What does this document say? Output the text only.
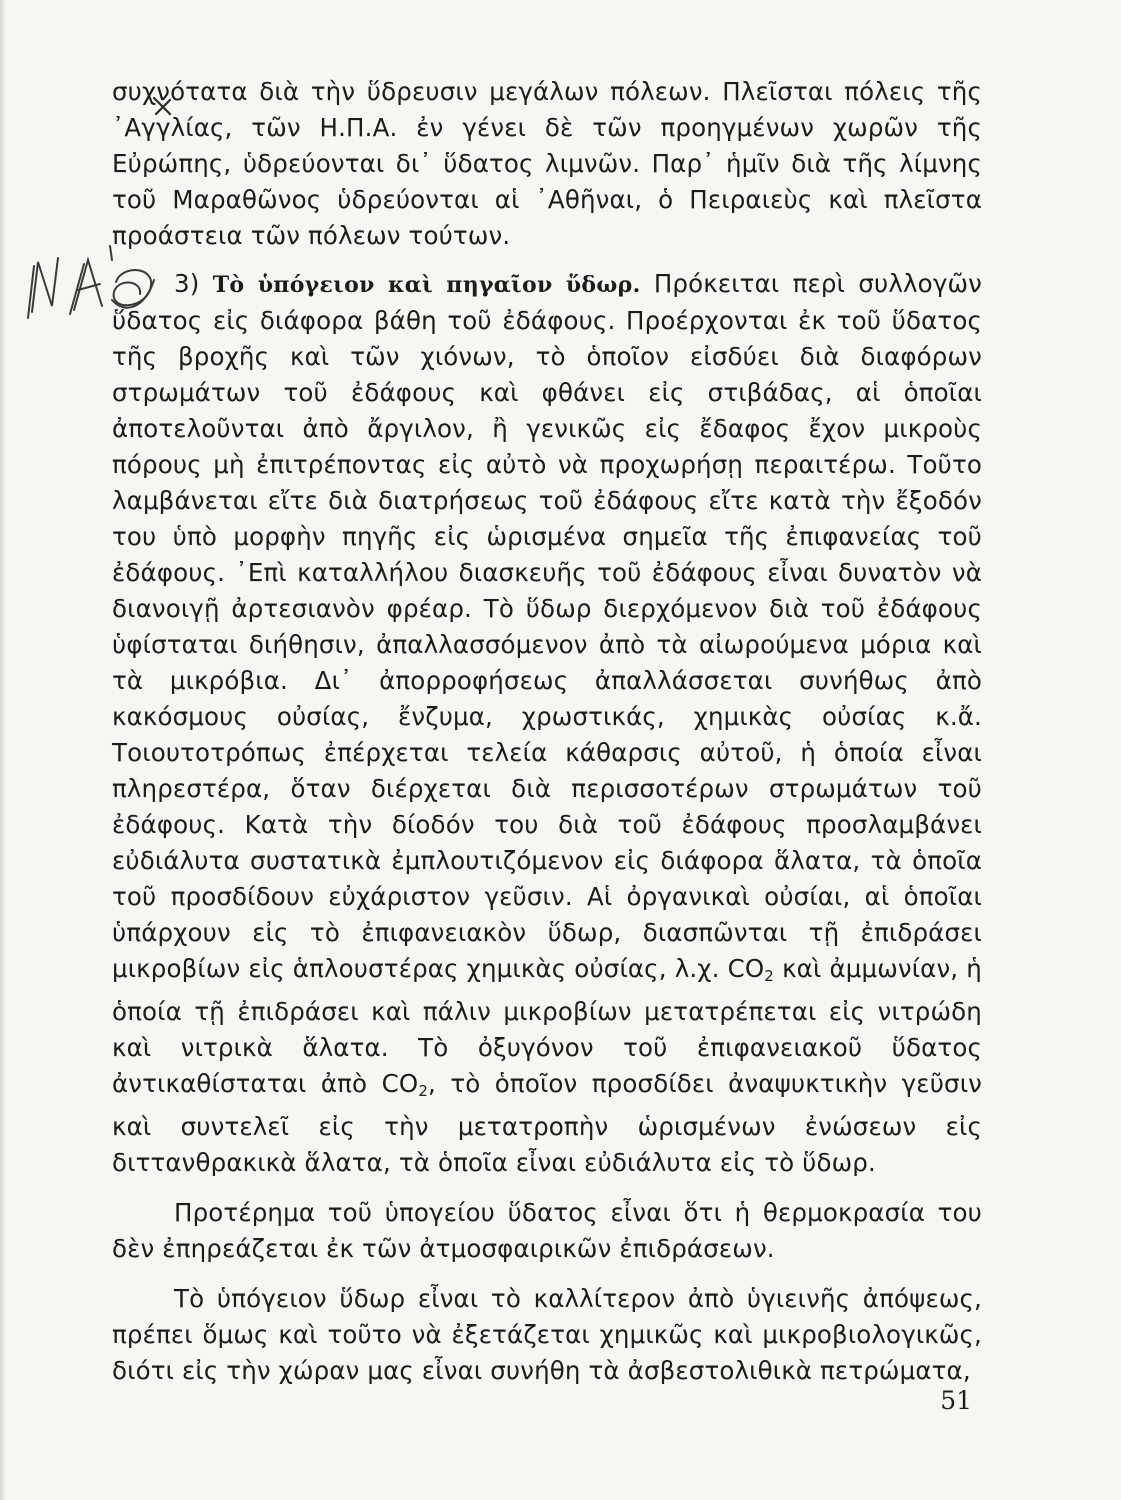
συχνότατα διὰ τὴν ὕδρευσιν μεγάλων πόλεων. Πλεῖσται πόλεις τῆς ᾽Αγγλίας, τῶν Η.Π.Α. ἐν γένει δὲ τῶν προηγμένων χωρῶν τῆς Εὐρώπης, ὑδρεύονται δι᾽ ὕδατος λιμνῶν. Παρ᾽ ἡμῖν διὰ τῆς λίμνης τοῦ Μαραθῶνος ὑδρεύονται αἱ ᾽Αθῆναι, ὁ Πειραιεὺς καὶ πλεῖστα προάστεια τῶν πόλεων τούτων.

3) Τὸ ὑπόγειον καὶ πηγαῖον ὕδωρ. Πρόκειται περὶ συλλογῶν ὕδατος εἰς διάφορα βάθη τοῦ ἐδάφους. Προέρχονται ἐκ τοῦ ὕδατος τῆς βροχῆς καὶ τῶν χιόνων, τὸ ὁποῖον εἰσδύει διὰ διαφόρων στρωμάτων τοῦ ἐδάφους καὶ φθάνει εἰς στιβάδας, αἱ ὁποῖαι ἀποτελοῦνται ἀπὸ ἄργιλον, ἢ γενικῶς εἰς ἔδαφος ἔχον μικροὺς πόρους μὴ ἐπιτρέποντας εἰς αὐτὸ νὰ προχωρήσῃ περαιτέρω. Τοῦτο λαμβάνεται εἴτε διὰ διατρήσεως τοῦ ἐδάφους εἴτε κατὰ τὴν ἔξοδόν του ὑπὸ μορφὴν πηγῆς εἰς ὡρισμένα σημεῖα τῆς ἐπιφανείας τοῦ ἐδάφους. ᾽Επὶ καταλλήλου διασκευῆς τοῦ ἐδάφους εἶναι δυνατὸν νὰ διανοιγῇ ἀρτεσιανὸν φρέαρ. Τὸ ὕδωρ διερχόμενον διὰ τοῦ ἐδάφους ὑφίσταται διήθησιν, ἀπαλλασσόμενον ἀπὸ τὰ αἰωρούμενα μόρια καὶ τὰ μικρόβια. Δι᾽ ἀπορροφήσεως ἀπαλλάσσεται συνήθως ἀπὸ κακόσμους οὐσίας, ἔνζυμα, χρωστικάς, χημικὰς οὐσίας κ.ἄ. Τοιουτοτρόπως ἐπέρχεται τελεία κάθαρσις αὐτοῦ, ἡ ὁποία εἶναι πληρεστέρα, ὅταν διέρχεται διὰ περισσοτέρων στρωμάτων τοῦ ἐδάφους. Κατὰ τὴν δίοδόν του διὰ τοῦ ἐδάφους προσλαμβάνει εὐδιάλυτα συστατικὰ ἐμπλουτιζόμενον εἰς διάφορα ἅλατα, τὰ ὁποῖα τοῦ προσδίδουν εὐχάριστον γεῦσιν. Αἱ ὀργανικαὶ οὐσίαι, αἱ ὁποῖαι ὑπάρχουν εἰς τὸ ἐπιφανειακὸν ὕδωρ, διασπῶνται τῇ ἐπιδράσει μικροβίων εἰς ἁπλουστέρας χημικὰς οὐσίας, λ.χ. $CO_2$ καὶ ἀμμωνίαν, ἡ ὁποία τῇ ἐπιδράσει καὶ πάλιν μικροβίων μετατρέπεται εἰς νιτρώδη καὶ νιτρικὰ ἅλατα. Τὸ ὀξυγόνον τοῦ ἐπιφανειακοῦ ὕδατος ἀντικαθίσταται ἀπὸ $CO_2$, τὸ ὁποῖον προσδίδει ἀναψυκτικὴν γεῦσιν καὶ συντελεῖ εἰς τὴν μετατροπὴν ὡρισμένων ἐνώσεων εἰς διττανθρακικὰ ἅλατα, τὰ ὁποῖα εἶναι εὐδιάλυτα εἰς τὸ ὕδωρ.

Προτέρημα τοῦ ὑπογείου ὕδατος εἶναι ὅτι ἡ θερμοκρασία του δὲν ἐπηρεάζεται ἐκ τῶν ἀτμοσφαιρικῶν ἐπιδράσεων.

Τὸ ὑπόγειον ὕδωρ εἶναι τὸ καλλίτερον ἀπὸ ὑγιεινῆς ἀπόψεως, πρέπει ὅμως καὶ τοῦτο νὰ ἐξετάζεται χημικῶς καὶ μικροβιολογικῶς, διότι εἰς τὴν χώραν μας εἶναι συνήθη τὰ ἀσβεστολιθικὰ πετρώματα,

51
